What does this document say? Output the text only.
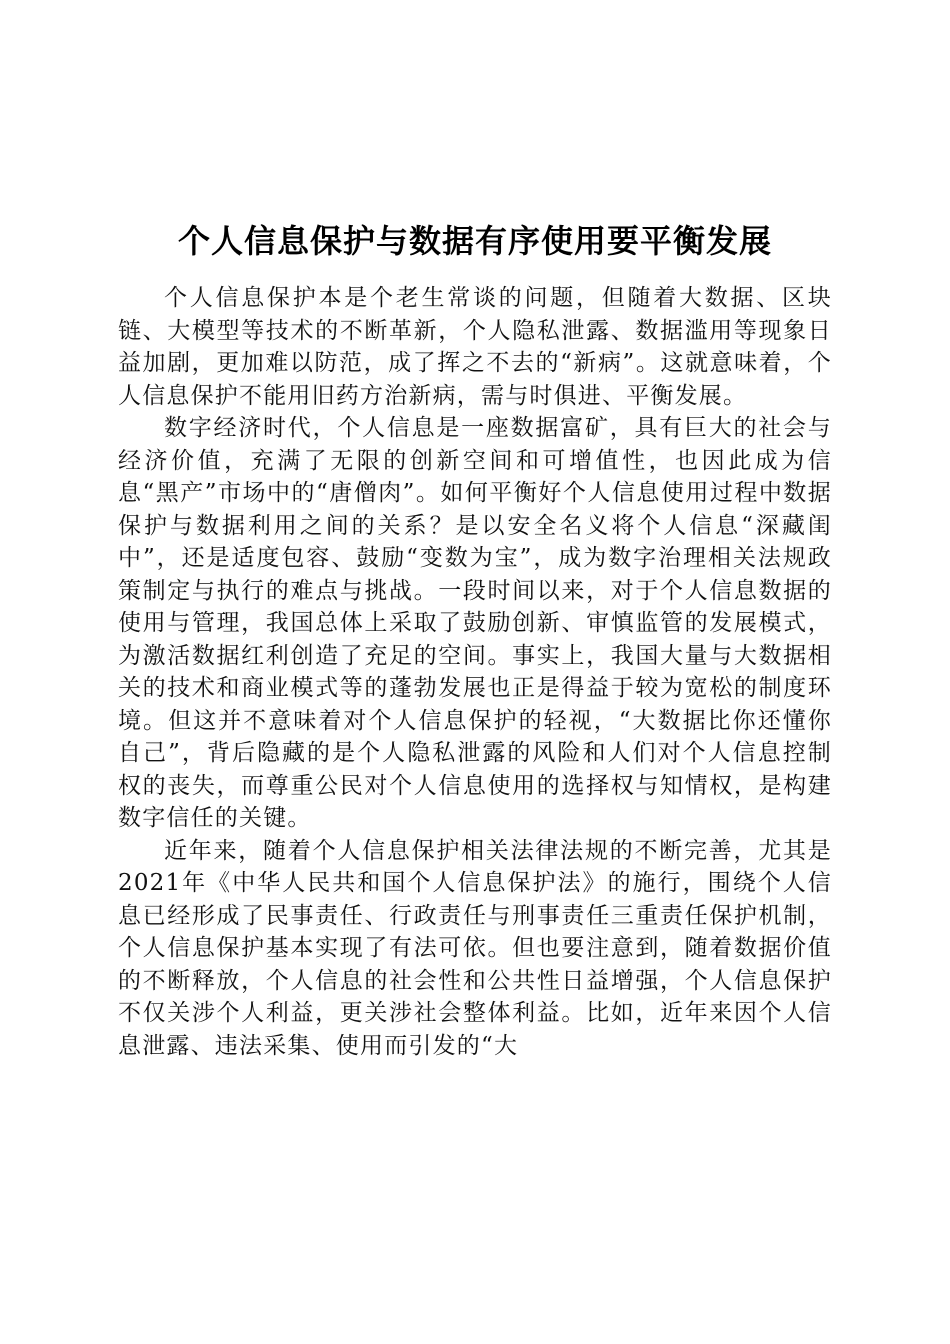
个人信息保护与数据有序使用要平衡发展

个人信息保护本是个老生常谈的问题，但随着大数据、区块链、大模型等技术的不断革新，个人隐私泄露、数据滥用等现象日益加剧，更加难以防范，成了挥之不去的“新病”。这就意味着，个人信息保护不能用旧药方治新病，需与时俱进、平衡发展。

数字经济时代，个人信息是一座数据富矿，具有巨大的社会与经济价值，充满了无限的创新空间和可增值性，也因此成为信息“黑产”市场中的“唐僧肉”。如何平衡好个人信息使用过程中数据保护与数据利用之间的关系？是以安全名义将个人信息“深藏闺中”，还是适度包容、鼓励“变数为宝”，成为数字治理相关法规政策制定与执行的难点与挑战。一段时间以来，对于个人信息数据的使用与管理，我国总体上采取了鼓励创新、审慎监管的发展模式，为激活数据红利创造了充足的空间。事实上，我国大量与大数据相关的技术和商业模式等的蓬勃发展也正是得益于较为宽松的制度环境。但这并不意味着对个人信息保护的轻视，“大数据比你还懂你自己”，背后隐藏的是个人隐私泄露的风险和人们对个人信息控制权的丧失，而尊重公民对个人信息使用的选择权与知情权，是构建数字信任的关键。

近年来，随着个人信息保护相关法律法规的不断完善，尤其是2021年《中华人民共和国个人信息保护法》的施行，围绕个人信息已经形成了民事责任、行政责任与刑事责任三重责任保护机制，个人信息保护基本实现了有法可依。但也要注意到，随着数据价值的不断释放，个人信息的社会性和公共性日益增强，个人信息保护不仅关涉个人利益，更关涉社会整体利益。比如，近年来因个人信息泄露、违法采集、使用而引发的“大
